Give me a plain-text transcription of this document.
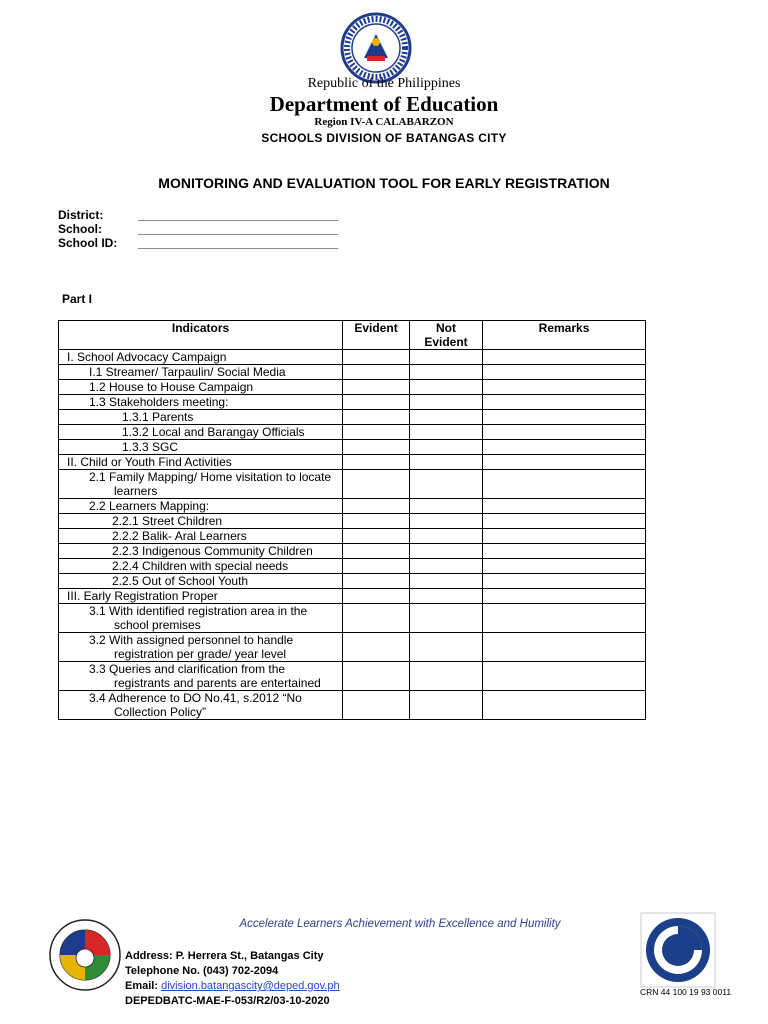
Republic of the Philippines
Department of Education
Region IV-A CALABARZON
SCHOOLS DIVISION OF BATANGAS CITY
MONITORING AND EVALUATION TOOL FOR EARLY REGISTRATION
District:	______________________________
School:	______________________________
School ID:	______________________________
Part I
Indicators	Evident	Not Evident	Remarks
I. School Advocacy Campaign			
I.1 Streamer/ Tarpaulin/ Social Media			
1.2 House to House Campaign			
1.3 Stakeholders meeting:			
1.3.1 Parents			
1.3.2 Local and Barangay Officials			
1.3.3 SGC			
II. Child or Youth Find Activities			

2.1 Family Mapping/ Home visitation to locate learners			

2.2 Learners Mapping:			
2.2.1 Street Children			
2.2.2 Balik- Aral Learners			

2.2.3 Indigenous Community Children			

2.2.4 Children with special needs			
2.2.5 Out of School Youth			
III. Early Registration Proper			

3.1 With identified registration area in the school premises			

3.2 With assigned personnel to handle registration per grade/ year level			

3.3 Queries and clarification from the registrants and parents are entertained			

3.4 Adherence to DO No.41, s.2012 “No Collection Policy”			

Accelerate Learners Achievement with Excellence and Humility
Address: P. Herrera St., Batangas City
Telephone No. (043) 702-2094
Email: division.batangascity@deped.gov.ph
DEPEDBATC-MAE-F-053/R2/03-10-2020
CRN 44 100 19 93 0011
